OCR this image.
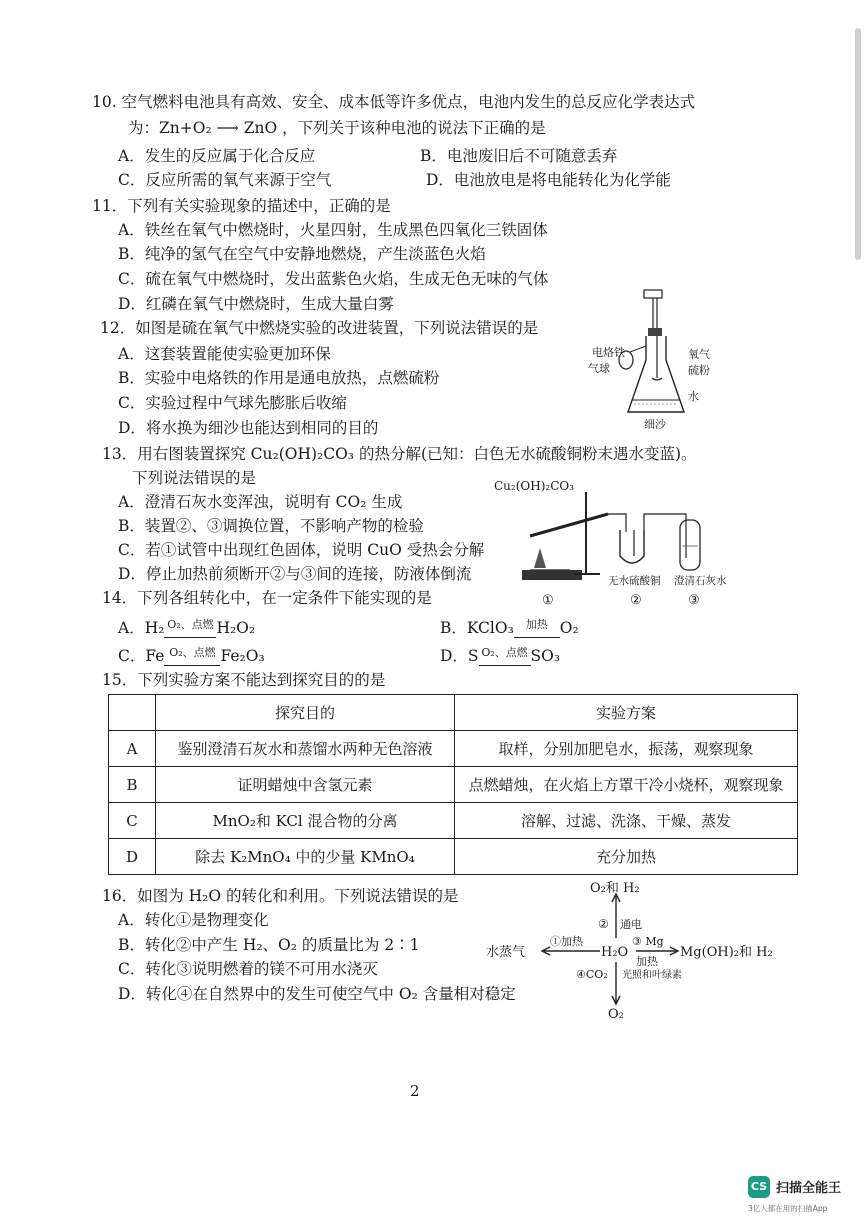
10. 空气燃料电池具有高效、安全、成本低等许多优点，电池内发生的总反应化学表达式
为：Zn+O₂ ⟶ ZnO ，下列关于该种电池的说法下正确的是
A．发生的反应属于化合反应	B．电池废旧后不可随意丢弃
C．反应所需的氧气来源于空气	D．电池放电是将电能转化为化学能
11．下列有关实验现象的描述中，正确的是
A．铁丝在氧气中燃烧时，火星四射，生成黑色四氧化三铁固体
B．纯净的氢气在空气中安静地燃烧，产生淡蓝色火焰
C．硫在氧气中燃烧时，发出蓝紫色火焰，生成无色无味的气体
D．红磷在氧气中燃烧时，生成大量白雾
12．如图是硫在氧气中燃烧实验的改进装置，下列说法错误的是
A．这套装置能使实验更加环保
B．实验中电烙铁的作用是通电放热，点燃硫粉
C．实验过程中气球先膨胀后收缩
D．将水换为细沙也能达到相同的目的
电烙铁
气球
氧气
硫粉
水
细沙
13．用右图装置探究 Cu₂(OH)₂CO₃ 的热分解(已知：白色无水硫酸铜粉末遇水变蓝)。
下列说法错误的是
A．澄清石灰水变浑浊，说明有 CO₂ 生成
B．装置②、③调换位置，不影响产物的检验
C．若①试管中出现红色固体，说明 CuO 受热会分解
D．停止加热前须断开②与③间的连接，防液体倒流
Cu₂(OH)₂CO₃
无水硫酸铜 澄清石灰水
①	②	③
14．下列各组转化中，在一定条件下能实现的是
A．H₂ O₂、点燃 H₂O₂	B．KClO₃	加热 O₂
C．Fe O₂、点燃 Fe₂O₃	D．S O₂、点燃 SO₃
15．下列实验方案不能达到探究目的的是
	探究目的	实验方案
A	鉴别澄清石灰水和蒸馏水两种无色溶液	取样，分别加肥皂水，振荡，观察现象
B	证明蜡烛中含氢元素	点燃蜡烛，在火焰上方罩干冷小烧杯，观察现象
C	MnO₂和 KCl 混合物的分离	溶解、过滤、洗涤、干燥、蒸发
D	除去 K₂MnO₄ 中的少量 KMnO₄	充分加热
16．如图为 H₂O 的转化和利用。下列说法错误的是
A．转化①是物理变化
B．转化②中产生 H₂、O₂ 的质量比为 2∶1
C．转化③说明燃着的镁不可用水浇灭
D．转化④在自然界中的发生可使空气中 O₂ 含量相对稳定
O₂和 H₂
H₂O
水蒸气	Mg(OH)₂和 H₂
O₂
①加热
② 通电
③ Mg
加热
④CO₂ 光照和叶绿素
2
CS 扫描全能王
3亿人都在用的扫描App
